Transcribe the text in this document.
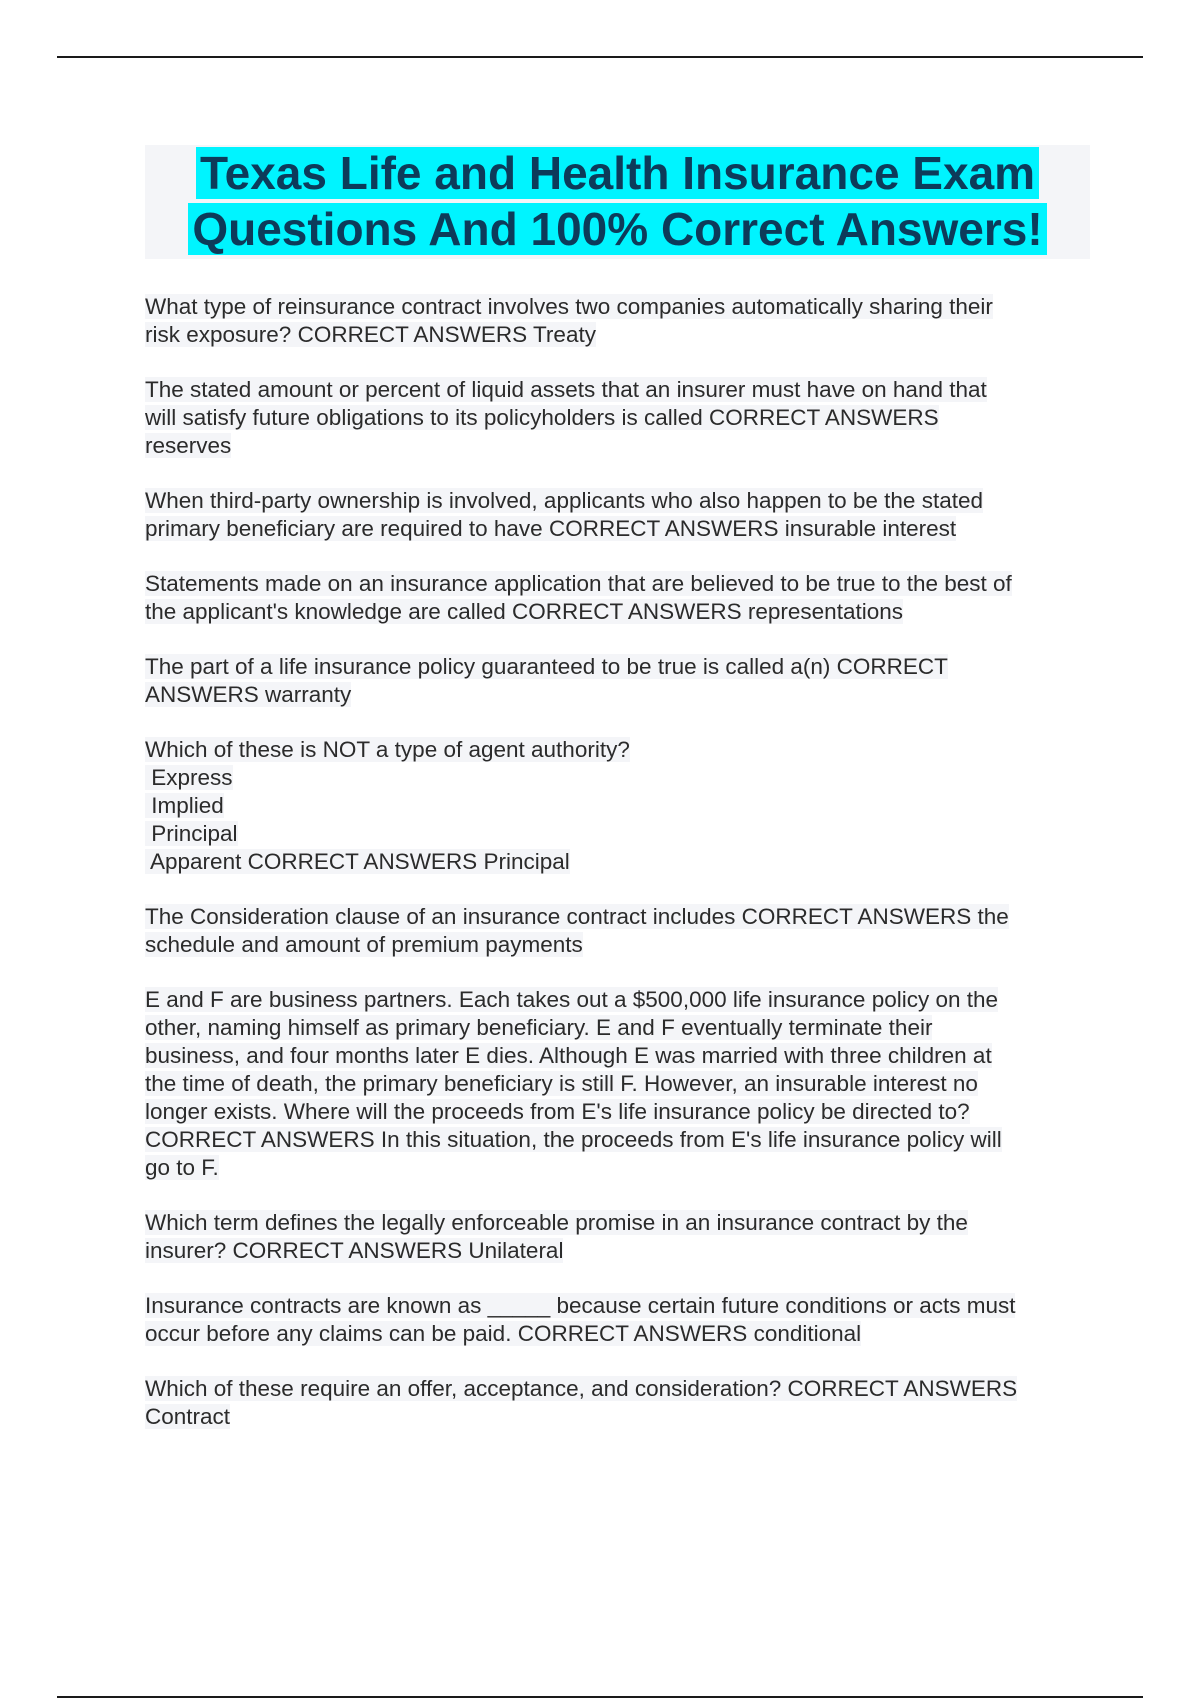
Texas Life and Health Insurance Exam
Questions And 100% Correct Answers!
What type of reinsurance contract involves two companies automatically sharing their
risk exposure? CORRECT ANSWERS Treaty
The stated amount or percent of liquid assets that an insurer must have on hand that
will satisfy future obligations to its policyholders is called CORRECT ANSWERS
reserves
When third-party ownership is involved, applicants who also happen to be the stated
primary beneficiary are required to have CORRECT ANSWERS insurable interest
Statements made on an insurance application that are believed to be true to the best of
the applicant's knowledge are called CORRECT ANSWERS representations
The part of a life insurance policy guaranteed to be true is called a(n) CORRECT
ANSWERS warranty
Which of these is NOT a type of agent authority?
Express
Implied
Principal
Apparent CORRECT ANSWERS Principal
The Consideration clause of an insurance contract includes CORRECT ANSWERS the
schedule and amount of premium payments
E and F are business partners. Each takes out a $500,000 life insurance policy on the
other, naming himself as primary beneficiary. E and F eventually terminate their
business, and four months later E dies. Although E was married with three children at
the time of death, the primary beneficiary is still F. However, an insurable interest no
longer exists. Where will the proceeds from E's life insurance policy be directed to?
CORRECT ANSWERS In this situation, the proceeds from E's life insurance policy will
go to F.
Which term defines the legally enforceable promise in an insurance contract by the
insurer? CORRECT ANSWERS Unilateral
Insurance contracts are known as _____ because certain future conditions or acts must
occur before any claims can be paid. CORRECT ANSWERS conditional
Which of these require an offer, acceptance, and consideration? CORRECT ANSWERS
Contract
